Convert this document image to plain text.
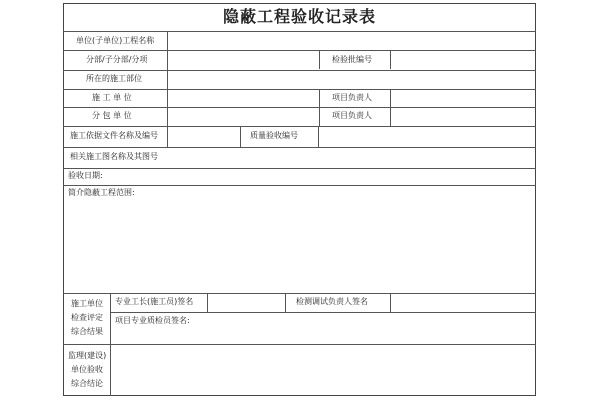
隐蔽工程验收记录表
单位(子单位)工程名称
分部/子分部/分项	检验批编号
所在的施工部位
施 工 单 位	项目负责人
分 包 单 位	项目负责人
施工依据文件名称及编号	质量验收编号
相关施工图名称及其图号
验收日期:
简介隐蔽工程范围:
施工单位
检查评定
综合结果
专业工长(施工员)签名	检测调试负责人签名
项目专业质检员签名:
监理(建设)
单位验收
综合结论
